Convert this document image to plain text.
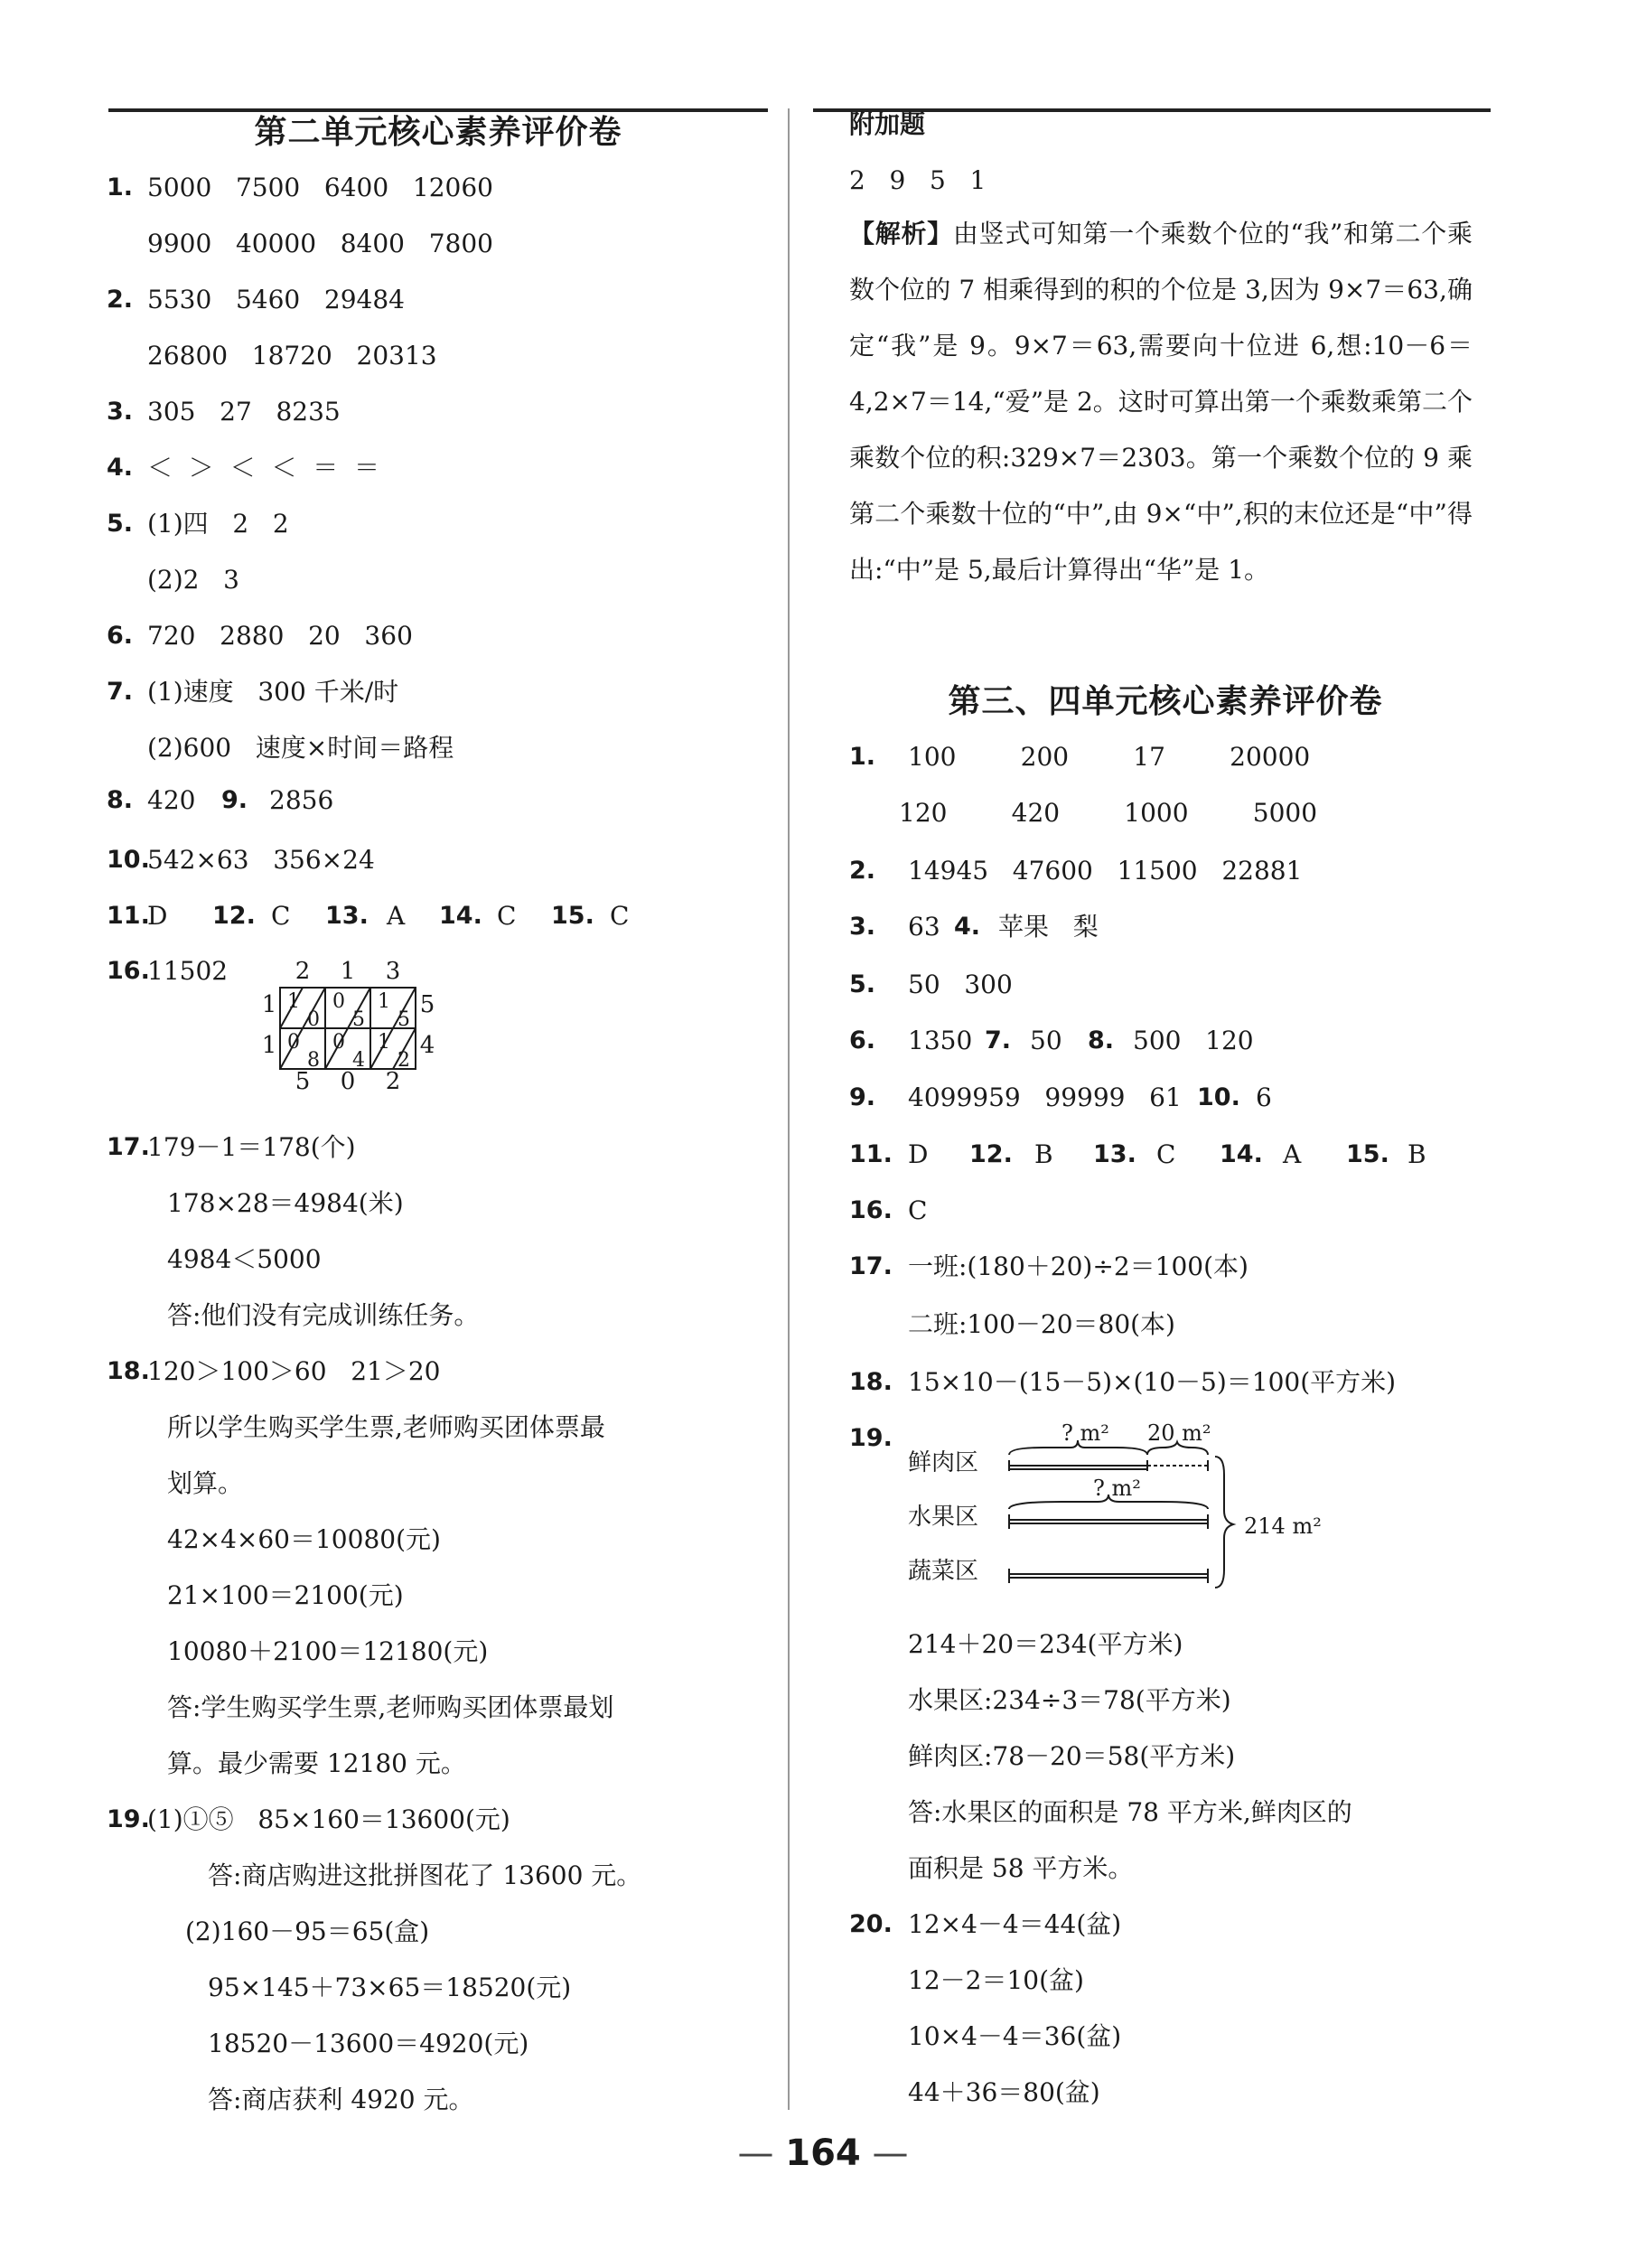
第二单元核心素养评价卷
1. 5000   7500   6400   12060
9900   40000   8400   7800
2. 5530   5460   29484
26800   18720   20313
3. 305   27   8235
4. ＜  ＞  ＜  ＜  ＝  ＝
5. (1)四   2   2
(2)2   3
6. 720   2880   20   360
7. (1)速度   300 千米/时
(2)600   速度×时间＝路程
8. 420
10.
542×63   356×24
11.
D
16.
11502
17.
179－1＝178(个)
178×28＝4984(米)
4984＜5000
答:他们没有完成训练任务。
18.
120＞100＞60   21＞20
所以学生购买学生票,老师购买团体票最
划算。
42×4×60＝10080(元)
21×100＝2100(元)
10080＋2100＝12180(元)
答:学生购买学生票,老师购买团体票最划
算。最少需要 12180 元。
19.
(1)①⑤   85×160＝13600(元)
答:商店购进这批拼图花了 13600 元。
(2)160－95＝65(盒)
95×145＋73×65＝18520(元)
18520－13600＝4920(元)
答:商店获利 4920 元。
9. 2856
12. C 13. A 14. C 15. C
2 1 3
1
1
5
4
5 0 2
1
0
0
5
1
5
0
8
0
4
1
2
附加题
2   9   5   1
【解析】由竖式可知第一个乘数个位的“我”和第二个乘数个位的 7 相乘得到的积的个位是 3,因为 9×7＝63,确定“我”是 9。9×7＝63,需要向十位进 6,想:10－6＝4,2×7＝14,“爱”是 2。这时可算出第一个乘数乘第二个乘数个位的积:329×7＝2303。第一个乘数个位的 9 乘第二个乘数十位的“中”,由 9×“中”,积的末位还是“中”得出:“中”是 5,最后计算得出“华”是 1。
第三、四单元核心素养评价卷
1. 100        200        17        20000
120        420        1000        5000
2. 14945   47600   11500   22881
3. 63
5. 50   300
6. 1350
9. 4099959   99999   61
11. D
16. C
17. 一班:(180＋20)÷2＝100(本)
二班:100－20＝80(本)
18. 15×10－(15－5)×(10－5)＝100(平方米)
19.
214＋20＝234(平方米)
水果区:234÷3＝78(平方米)
鲜肉区:78－20＝58(平方米)
答:水果区的面积是 78 平方米,鲜肉区的
面积是 58 平方米。
20. 12×4－4＝44(盆)
12－2＝10(盆)
10×4－4＝36(盆)
44＋36＝80(盆)
4. 苹果   梨
7. 50 8. 500   120
10. 6
12. B 13. C 14. A 15. B
鲜肉区
水果区
蔬菜区
? m² 20 m²
? m²
214 m²
— 164 —
